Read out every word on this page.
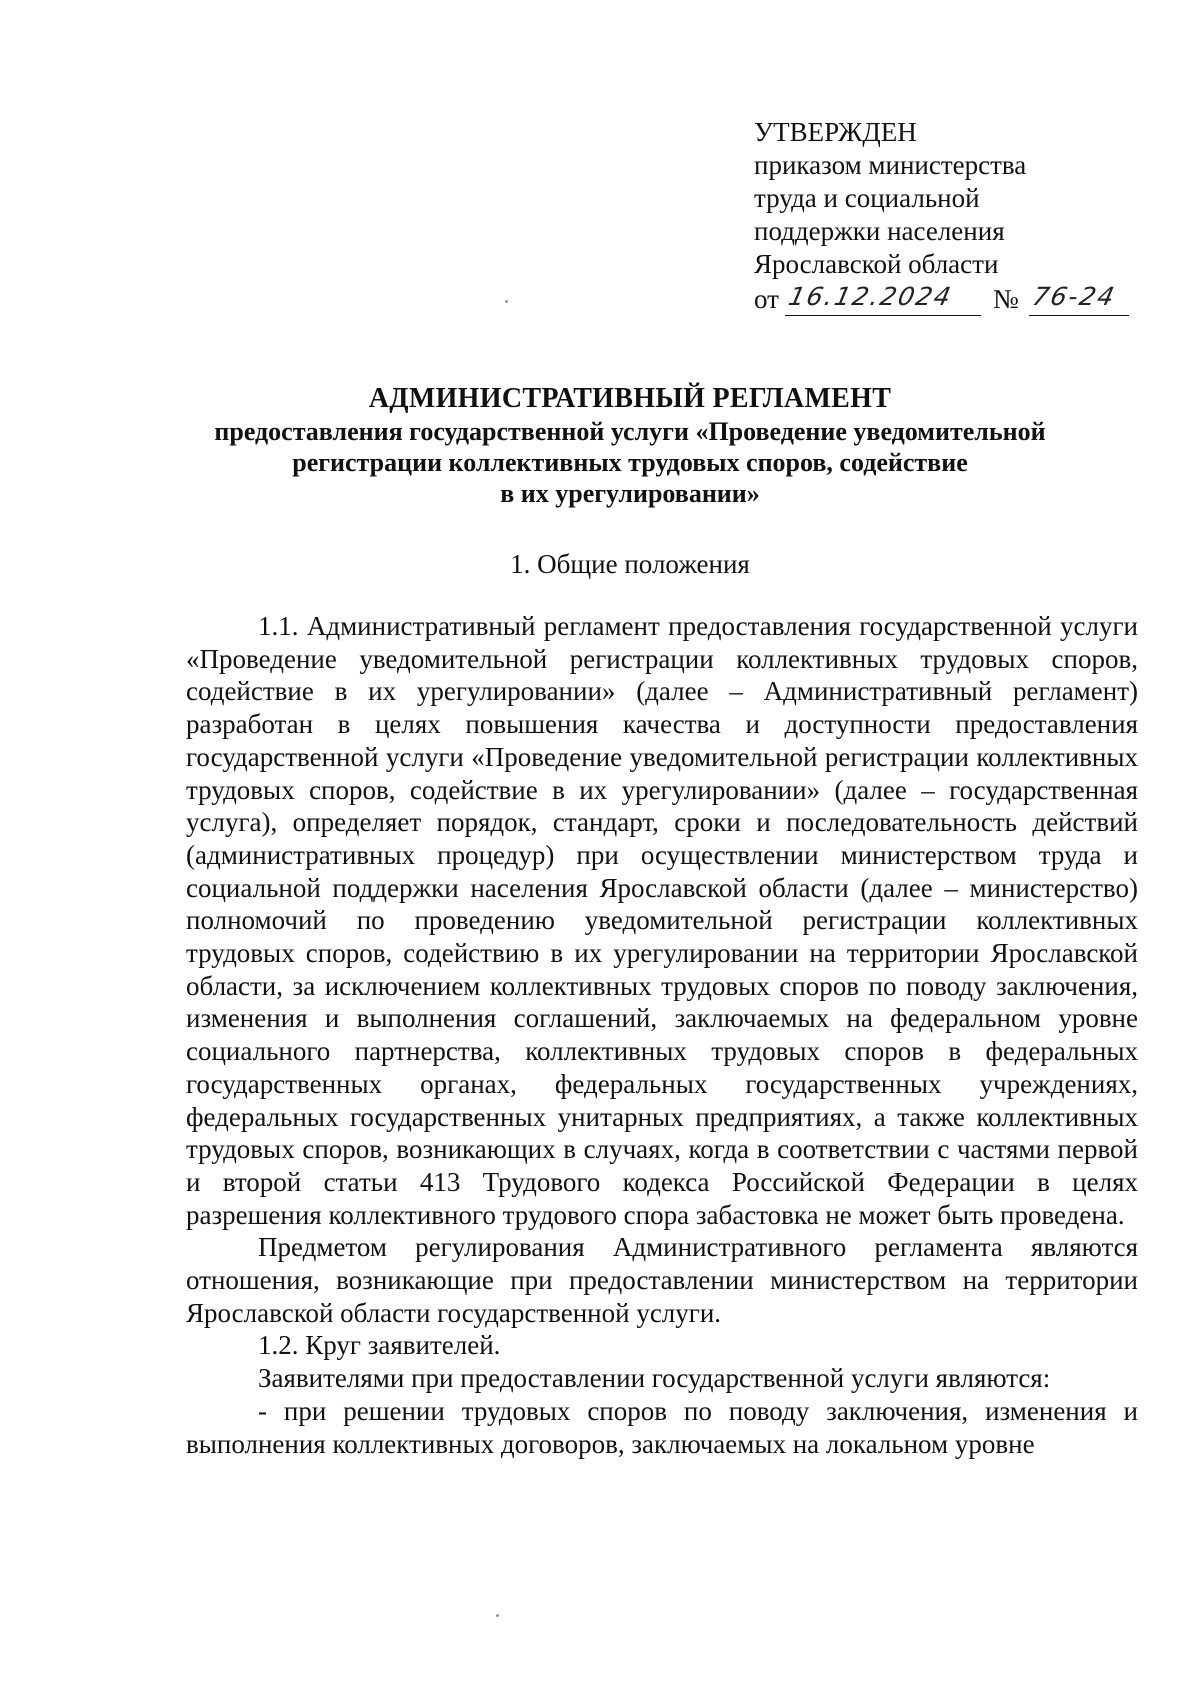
УТВЕРЖДЕН
приказом министерства
труда и социальной
поддержки населения
Ярославской области
от 16.12.2024 № 76-24
АДМИНИСТРАТИВНЫЙ РЕГЛАМЕНТ
предоставления государственной услуги «Проведение уведомительной
регистрации коллективных трудовых споров, содействие
в их урегулировании»
1. Общие положения

1.1. Административный регламент предоставления государственной услуги «Проведение уведомительной регистрации коллективных трудовых споров, содействие в их урегулировании» (далее – Административный регламент) разработан в целях повышения качества и доступности предоставления государственной услуги «Проведение уведомительной регистрации коллективных трудовых споров, содействие в их урегулировании» (далее – государственная услуга), определяет порядок, стандарт, сроки и последовательность действий (административных процедур) при осуществлении министерством труда и социальной поддержки населения Ярославской области (далее – министерство) полномочий по проведению уведомительной регистрации коллективных трудовых споров, содействию в их урегулировании на территории Ярославской области, за исключением коллективных трудовых споров по поводу заключения, изменения и выполнения соглашений, заключаемых на федеральном уровне социального партнерства, коллективных трудовых споров в федеральных государственных органах, федеральных государственных учреждениях, федеральных государственных унитарных предприятиях, а также коллективных трудовых споров, возникающих в случаях, когда в соответствии с частями первой и второй статьи 413 Трудового кодекса Российской Федерации в целях разрешения коллективного трудового спора забастовка не может быть проведена.

Предметом регулирования Административного регламента являются отношения, возникающие при предоставлении министерством на территории Ярославской области государственной услуги.

1.2. Круг заявителей.

Заявителями при предоставлении государственной услуги являются:

- при решении трудовых споров по поводу заключения, изменения и выполнения коллективных договоров, заключаемых на локальном уровне
